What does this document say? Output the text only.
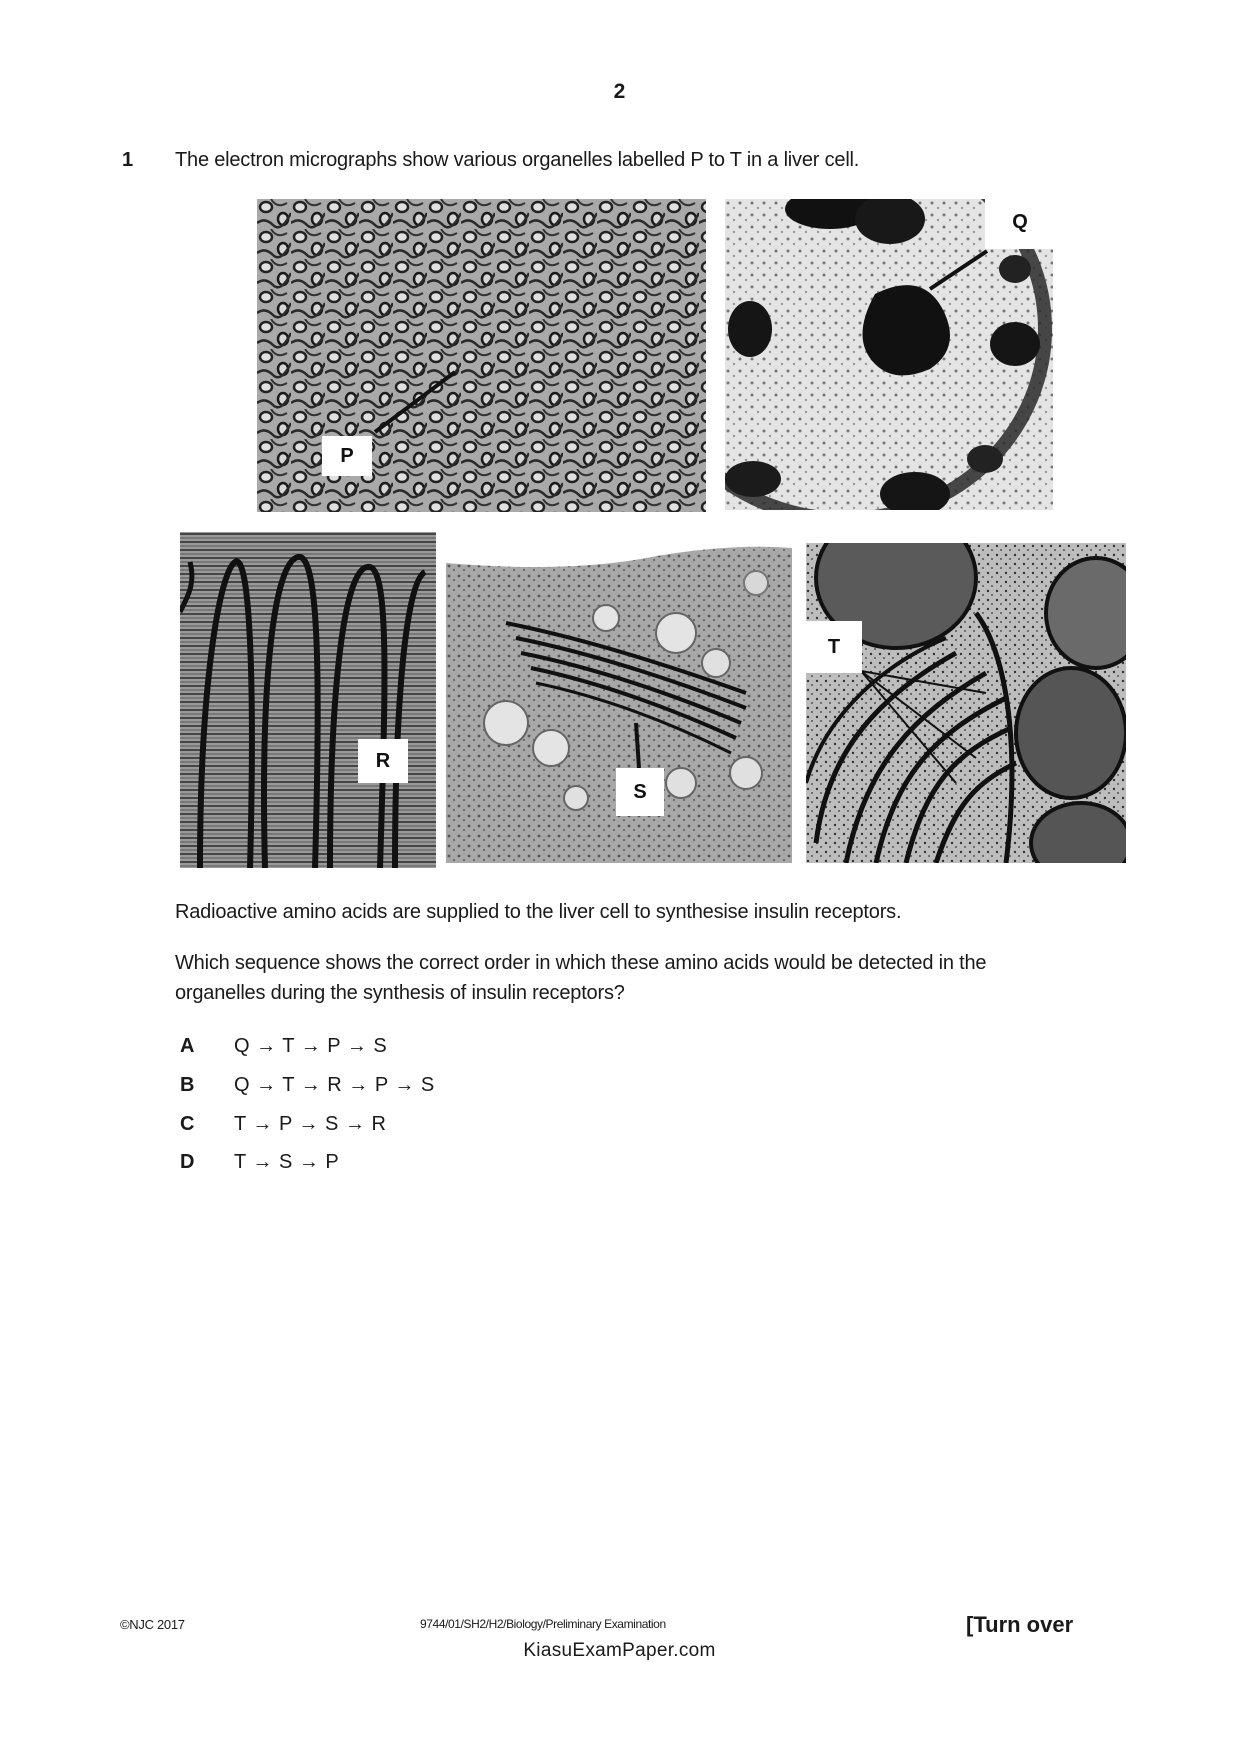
2
1 The electron micrographs show various organelles labelled P to T in a liver cell.
P
Q
R
S
T
Radioactive amino acids are supplied to the liver cell to synthesise insulin receptors.
Which sequence shows the correct order in which these amino acids would be detected in the
organelles during the synthesis of insulin receptors?
A Q → T → P → S
B Q → T → R → P → S
C T → P → S → R
D T → S → P
©NJC 2017	9744/01/SH2/H2/Biology/Preliminary Examination	[Turn over
KiasuExamPaper.com
